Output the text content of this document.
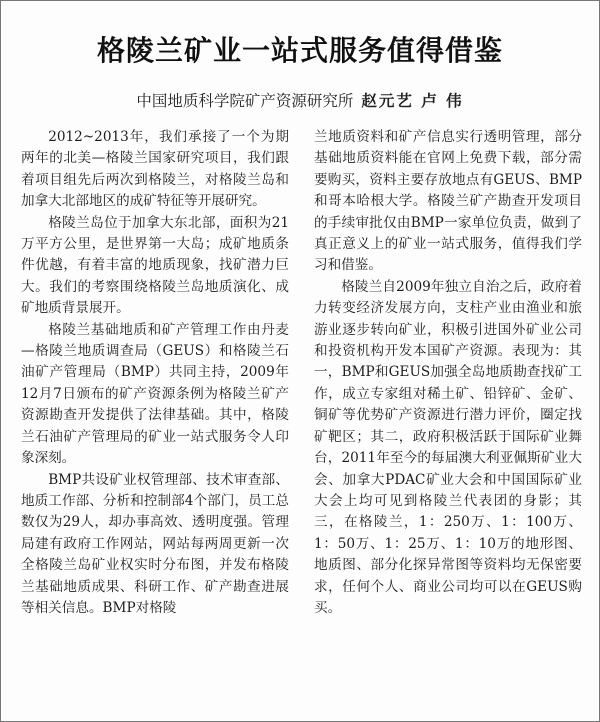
格陵兰矿业一站式服务值得借鉴
中国地质科学院矿产资源研究所 赵元艺 卢 伟

2012~2013年，我们承接了一个为期两年的北美—格陵兰国家研究项目，我们跟着项目组先后两次到格陵兰，对格陵兰岛和加拿大北部地区的成矿特征等开展研究。

格陵兰岛位于加拿大东北部，面积为21万平方公里，是世界第一大岛；成矿地质条件优越，有着丰富的地质现象，找矿潜力巨大。我们的考察围绕格陵兰岛地质演化、成矿地质背景展开。

格陵兰基础地质和矿产管理工作由丹麦—格陵兰地质调查局（GEUS）和格陵兰石油矿产管理局（BMP）共同主持，2009年12月7日颁布的矿产资源条例为格陵兰矿产资源勘查开发提供了法律基础。其中，格陵兰石油矿产管理局的矿业一站式服务令人印象深刻。

BMP共设矿业权管理部、技术审查部、地质工作部、分析和控制部4个部门，员工总数仅为29人，却办事高效、透明度强。管理局建有政府工作网站，网站每两周更新一次全格陵兰岛矿业权实时分布图，并发布格陵兰基础地质成果、科研工作、矿产勘查进展等相关信息。BMP对格陵

兰地质资料和矿产信息实行透明管理，部分基础地质资料能在官网上免费下载，部分需要购买，资料主要存放地点有GEUS、BMP和哥本哈根大学。格陵兰矿产勘查开发项目的手续审批仅由BMP一家单位负责，做到了真正意义上的矿业一站式服务，值得我们学习和借鉴。

格陵兰自2009年独立自治之后，政府着力转变经济发展方向，支柱产业由渔业和旅游业逐步转向矿业，积极引进国外矿业公司和投资机构开发本国矿产资源。表现为：其一，BMP和GEUS加强全岛地质勘查找矿工作，成立专家组对稀土矿、铅锌矿、金矿、铜矿等优势矿产资源进行潜力评价，圈定找矿靶区；其二，政府积极活跃于国际矿业舞台，2011年至今的每届澳大利亚佩斯矿业大会、加拿大PDAC矿业大会和中国国际矿业大会上均可见到格陵兰代表团的身影；其三，在格陵兰，1：250万、1：100万、1：50万、1：25万、1：10万的地形图、地质图、部分化探异常图等资料均无保密要求，任何个人、商业公司均可以在GEUS购买。
